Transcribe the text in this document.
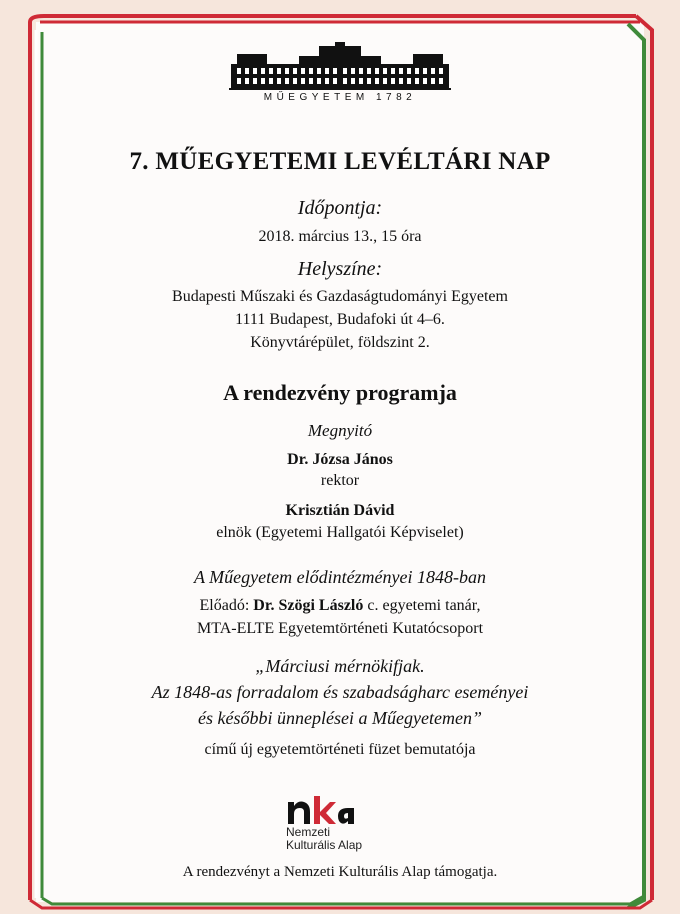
MŰEGYETEM 1782
7. MŰEGYETEMI LEVÉLTÁRI NAP
Időpontja:
2018. március 13., 15 óra
Helyszíne:
Budapesti Műszaki és Gazdaságtudományi Egyetem
1111 Budapest, Budafoki út 4–6.
Könyvtárépület, földszint 2.
A rendezvény programja
Megnyitó
Dr. Józsa János
rektor
Krisztián Dávid
elnök (Egyetemi Hallgatói Képviselet)
A Műegyetem elődintézményei 1848-ban
Előadó: Dr. Szögi László c. egyetemi tanár,
MTA-ELTE Egyetemtörténeti Kutatócsoport
„Márciusi mérnökifjak.
Az 1848-as forradalom és szabadságharc eseményei
és későbbi ünneplései a Műegyetemen”
című új egyetemtörténeti füzet bemutatója
Nemzeti
Kulturális Alap
A rendezvényt a Nemzeti Kulturális Alap támogatja.
